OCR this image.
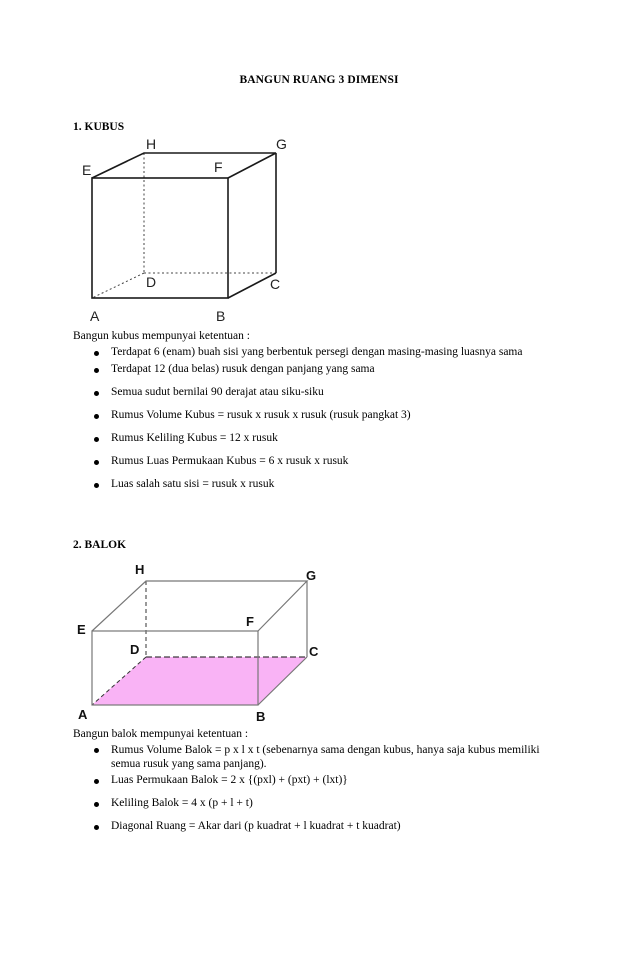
BANGUN RUANG 3 DIMENSI
1. KUBUS
H	G
E	F
D	C
A	B
Bangun kubus mempunyai ketentuan :
Terdapat 6 (enam) buah sisi yang berbentuk persegi dengan masing-masing luasnya sama
Terdapat 12 (dua belas) rusuk dengan panjang yang sama
Semua sudut bernilai 90 derajat atau siku-siku
Rumus Volume Kubus = rusuk x rusuk x rusuk (rusuk pangkat 3)
Rumus Keliling Kubus = 12 x rusuk
Rumus Luas Permukaan Kubus = 6 x rusuk x rusuk
Luas salah satu sisi = rusuk x rusuk
2. BALOK
H	G
E
F
D	C
A	B
Bangun balok mempunyai ketentuan :
Rumus Volume Balok = p x l x t (sebenarnya sama dengan kubus, hanya saja kubus memiliki semua rusuk yang sama panjang).
Luas Permukaan Balok = 2 x {(pxl) + (pxt) + (lxt)}
Keliling Balok = 4 x (p + l + t)
Diagonal Ruang = Akar dari (p kuadrat + l kuadrat + t kuadrat)
